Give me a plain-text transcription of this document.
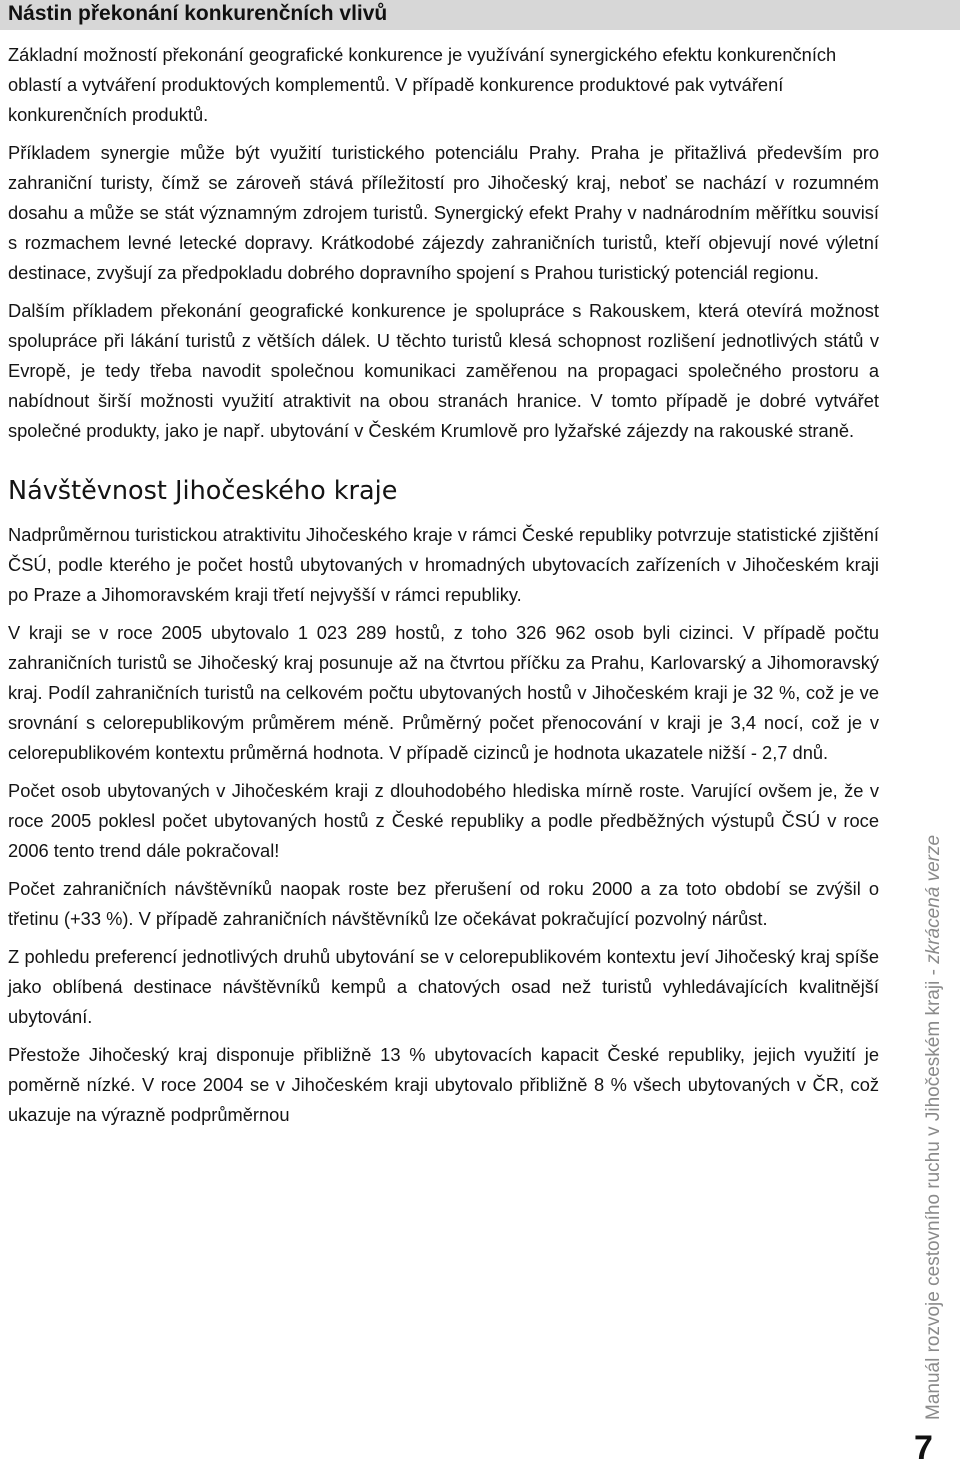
Nástin překonání konkurenčních vlivů

Základní možností překonání geografické konkurence je využívání synergického efektu konkurenčních oblastí a vytváření produktových komplementů. V případě konkurence produktové pak vytváření konkurenčních produktů.

Příkladem synergie může být využití turistického potenciálu Prahy. Praha je přitažlivá především pro zahraniční turisty, čímž se zároveň stává příležitostí pro Jihočeský kraj, neboť se nachází v rozumném dosahu a může se stát významným zdrojem turistů. Synergický efekt Prahy v nadnárodním měřítku souvisí s rozmachem levné letecké dopravy. Krátkodobé zájezdy zahraničních turistů, kteří objevují nové výletní destinace, zvyšují za předpokladu dobrého dopravního spojení s Prahou turistický potenciál regionu.

Dalším příkladem překonání geografické konkurence je spolupráce s Rakouskem, která otevírá možnost spolupráce při lákání turistů z větších dálek. U těchto turistů klesá schopnost rozlišení jednotlivých států v Evropě, je tedy třeba navodit společnou komunikaci zaměřenou na propagaci společného prostoru a nabídnout širší možnosti využití atraktivit na obou stranách hranice. V tomto případě je dobré vytvářet společné produkty, jako je např. ubytování v Českém Krumlově pro lyžařské zájezdy na rakouské straně.

Návštěvnost Jihočeského kraje

Nadprůměrnou turistickou atraktivitu Jihočeského kraje v rámci České republiky potvrzuje statistické zjištění ČSÚ, podle kterého je počet hostů ubytovaných v hromadných ubytovacích zařízeních v Jihočeském kraji po Praze a Jihomoravském kraji třetí nejvyšší v rámci republiky.

V kraji se v roce 2005 ubytovalo 1 023 289 hostů, z toho 326 962 osob byli cizinci. V případě počtu zahraničních turistů se Jihočeský kraj posunuje až na čtvrtou příčku za Prahu, Karlovarský a Jihomoravský kraj. Podíl zahraničních turistů na celkovém počtu ubytovaných hostů v Jihočeském kraji je 32 %, což je ve srovnání s celorepublikovým průměrem méně. Průměrný počet přenocování v kraji je 3,4 nocí, což je v celorepublikovém kontextu průměrná hodnota. V případě cizinců je hodnota ukazatele nižší - 2,7 dnů.

Počet osob ubytovaných v Jihočeském kraji z dlouhodobého hlediska mírně roste. Varující ovšem je, že v roce 2005 poklesl počet ubytovaných hostů z České republiky a podle předběžných výstupů ČSÚ v roce 2006 tento trend dále pokračoval!

Počet zahraničních návštěvníků naopak roste bez přerušení od roku 2000 a za toto období se zvýšil o třetinu (+33 %). V případě zahraničních návštěvníků lze očekávat pokračující pozvolný nárůst.

Z pohledu preferencí jednotlivých druhů ubytování se v celorepublikovém kontextu jeví Jihočeský kraj spíše jako oblíbená destinace návštěvníků kempů a chatových osad než turistů vyhledávajících kvalitnější ubytování.

Přestože Jihočeský kraj disponuje přibližně 13 % ubytovacích kapacit České republiky, jejich využití je poměrně nízké. V roce 2004 se v Jihočeském kraji ubytovalo přibližně 8 % všech ubytovaných v ČR, což ukazuje na výrazně podprůměrnou	Manuál rozvoje cestovního ruchu v Jihočeském kraji - zkrácená verze
7
